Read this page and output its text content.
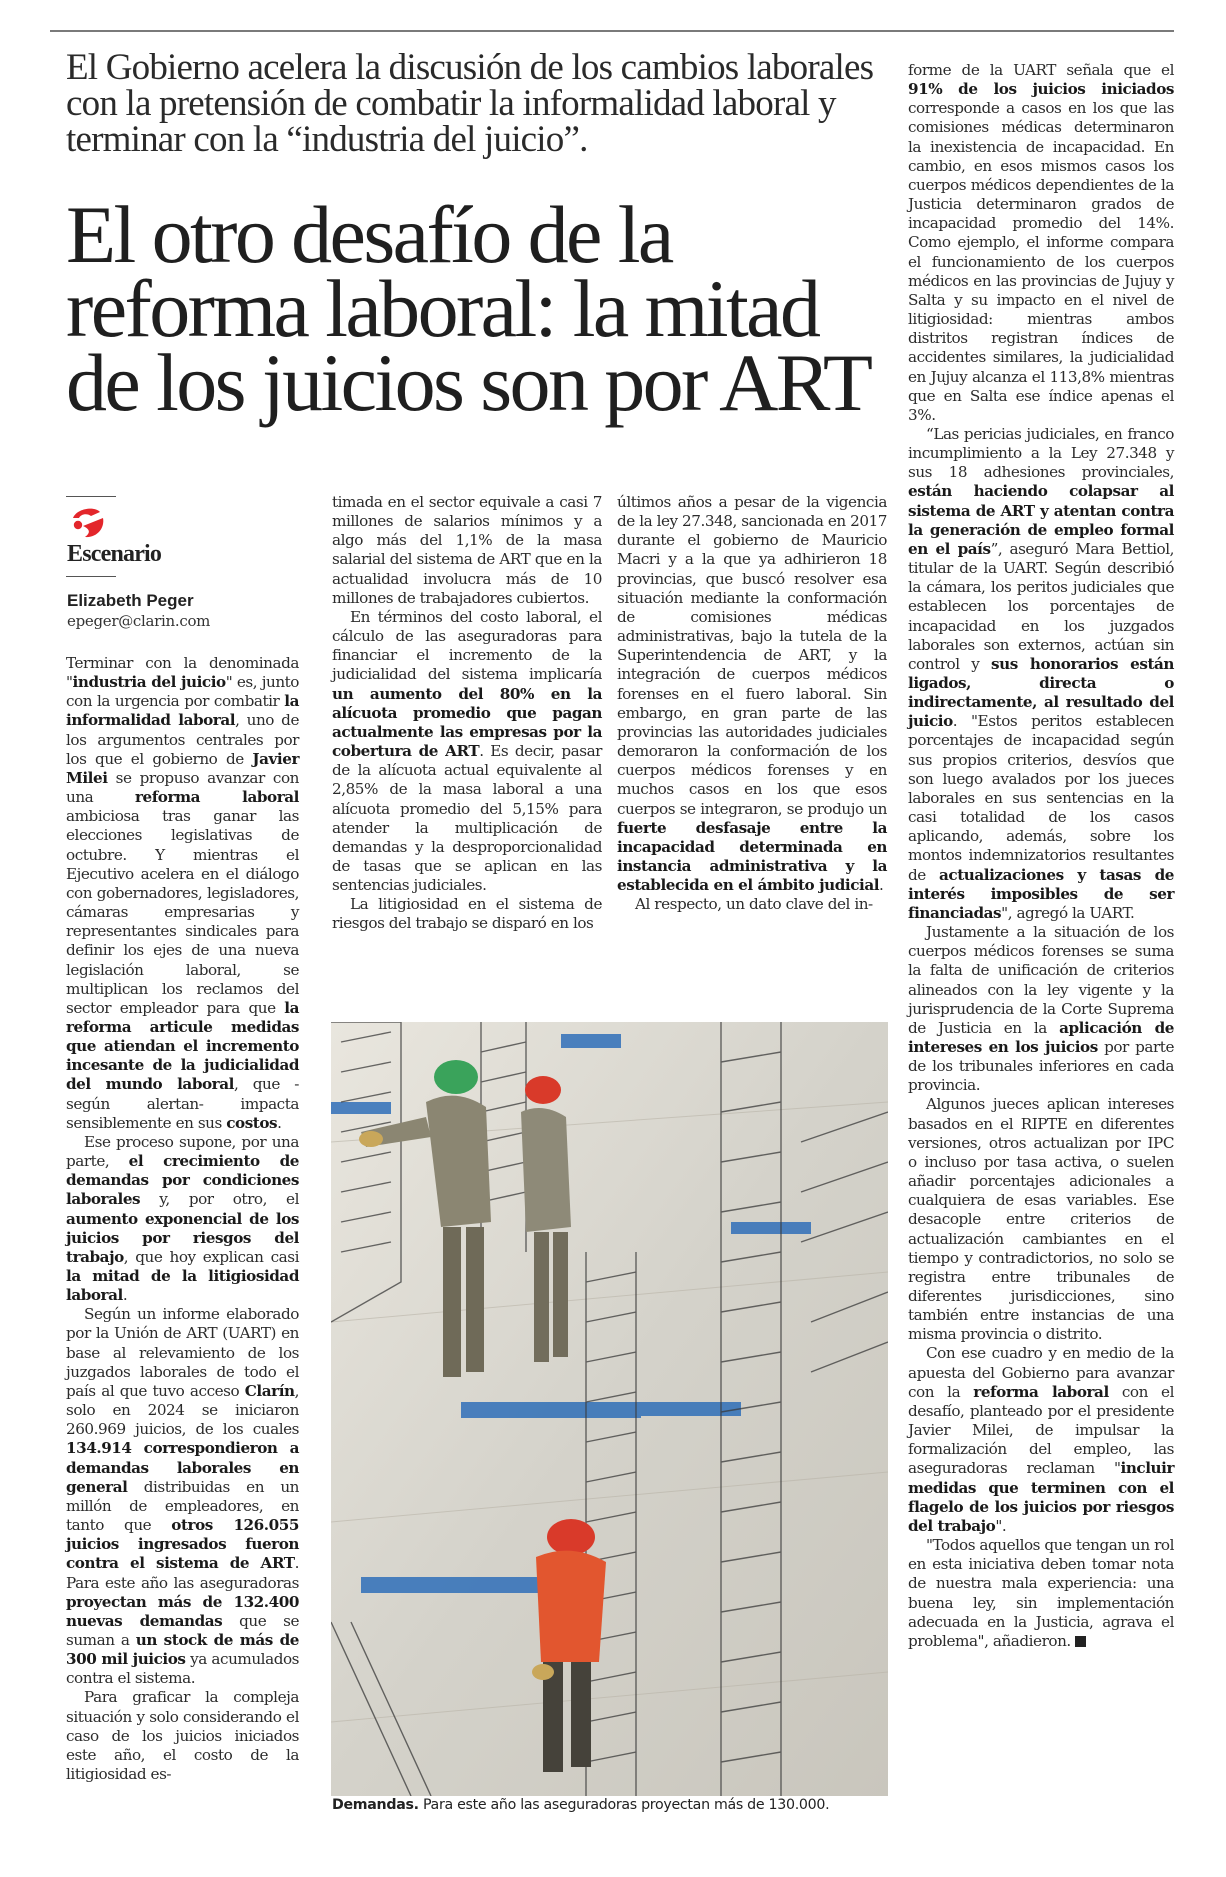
El Gobierno acelera la discusión de los cambios laborales con la pretensión de combatir la informalidad laboral y terminar con la “industria del juicio”.
El otro desafío de la
reforma laboral: la mitad
de los juicios son por ART
Escenario
Elizabeth Peger
epeger@clarin.com

Terminar con la denominada "industria del juicio" es, junto con la urgencia por combatir la informalidad laboral, uno de los argumentos centrales por los que el gobierno de Javier Milei se propuso avanzar con una reforma laboral ambiciosa tras ganar las elecciones legislativas de octubre. Y mientras el Ejecutivo acelera en el diálogo con gobernadores, legisladores, cámaras empresarias y representantes sindicales para definir los ejes de una nueva legislación laboral, se multiplican los reclamos del sector empleador para que la reforma articule medidas que atiendan el incremento incesante de la judicialidad del mundo laboral, que -según alertan- impacta sensiblemente en sus costos.

Ese proceso supone, por una parte, el crecimiento de demandas por condiciones laborales y, por otro, el aumento exponencial de los juicios por riesgos del trabajo, que hoy explican casi la mitad de la litigiosidad laboral.

Según un informe elaborado por la Unión de ART (UART) en base al relevamiento de los juzgados laborales de todo el país al que tuvo acceso Clarín, solo en 2024 se iniciaron 260.969 juicios, de los cuales 134.914 correspondieron a demandas laborales en general distribuidas en un millón de empleadores, en tanto que otros 126.055 juicios ingresados fueron contra el sistema de ART. Para este año las aseguradoras proyectan más de 132.400 nuevas demandas que se suman a un stock de más de 300 mil juicios ya acumulados contra el sistema.

Para graficar la compleja situación y solo considerando el caso de los juicios iniciados este año, el costo de la litigiosidad es-

timada en el sector equivale a casi 7 millones de salarios mínimos y a algo más del 1,1% de la masa salarial del sistema de ART que en la actualidad involucra más de 10 millones de trabajadores cubiertos.

En términos del costo laboral, el cálculo de las aseguradoras para financiar el incremento de la judicialidad del sistema implicaría un aumento del 80% en la alícuota promedio que pagan actualmente las empresas por la cobertura de ART. Es decir, pasar de la alícuota actual equivalente al 2,85% de la masa laboral a una alícuota promedio del 5,15% para atender la multiplicación de demandas y la desproporcionalidad de tasas que se aplican en las sentencias judiciales.

La litigiosidad en el sistema de riesgos del trabajo se disparó en los

últimos años a pesar de la vigencia de la ley 27.348, sancionada en 2017 durante el gobierno de Mauricio Macri y a la que ya adhirieron 18 provincias, que buscó resolver esa situación mediante la conformación de comisiones médicas administrativas, bajo la tutela de la Superintendencia de ART, y la integración de cuerpos médicos forenses en el fuero laboral. Sin embargo, en gran parte de las provincias las autoridades judiciales demoraron la conformación de los cuerpos médicos forenses y en muchos casos en los que esos cuerpos se integraron, se produjo un fuerte desfasaje entre la incapacidad determinada en instancia administrativa y la establecida en el ámbito judicial.

Al respecto, un dato clave del in-

forme de la UART señala que el 91% de los juicios iniciados corresponde a casos en los que las comisiones médicas determinaron la inexistencia de incapacidad. En cambio, en esos mismos casos los cuerpos médicos dependientes de la Justicia determinaron grados de incapacidad promedio del 14%. Como ejemplo, el informe compara el funcionamiento de los cuerpos médicos en las provincias de Jujuy y Salta y su impacto en el nivel de litigiosidad: mientras ambos distritos registran índices de accidentes similares, la judicialidad en Jujuy alcanza el 113,8% mientras que en Salta ese índice apenas el 3%.

“Las pericias judiciales, en franco incumplimiento a la Ley 27.348 y sus 18 adhesiones provinciales, están haciendo colapsar al sistema de ART y atentan contra la generación de empleo formal en el país”, aseguró Mara Bettiol, titular de la UART. Según describió la cámara, los peritos judiciales que establecen los porcentajes de incapacidad en los juzgados laborales son externos, actúan sin control y sus honorarios están ligados, directa o indirectamente, al resultado del juicio. "Estos peritos establecen porcentajes de incapacidad según sus propios criterios, desvíos que son luego avalados por los jueces laborales en sus sentencias en la casi totalidad de los casos aplicando, además, sobre los montos indemnizatorios resultantes de actualizaciones y tasas de interés imposibles de ser financiadas", agregó la UART.

Justamente a la situación de los cuerpos médicos forenses se suma la falta de unificación de criterios alineados con la ley vigente y la jurisprudencia de la Corte Suprema de Justicia en la aplicación de intereses en los juicios por parte de los tribunales inferiores en cada provincia.

Algunos jueces aplican intereses basados en el RIPTE en diferentes versiones, otros actualizan por IPC o incluso por tasa activa, o suelen añadir porcentajes adicionales a cualquiera de esas variables. Ese desacople entre criterios de actualización cambiantes en el tiempo y contradictorios, no solo se registra entre tribunales de diferentes jurisdicciones, sino también entre instancias de una misma provincia o distrito.

Con ese cuadro y en medio de la apuesta del Gobierno para avanzar con la reforma laboral con el desafío, planteado por el presidente Javier Milei, de impulsar la formalización del empleo, las aseguradoras reclaman "incluir medidas que terminen con el flagelo de los juicios por riesgos del trabajo".

"Todos aquellos que tengan un rol en esta iniciativa deben tomar nota de nuestra mala experiencia: una buena ley, sin implementación adecuada en la Justicia, agrava el problema", añadieron.

Demandas. Para este año las aseguradoras proyectan más de 130.000.
